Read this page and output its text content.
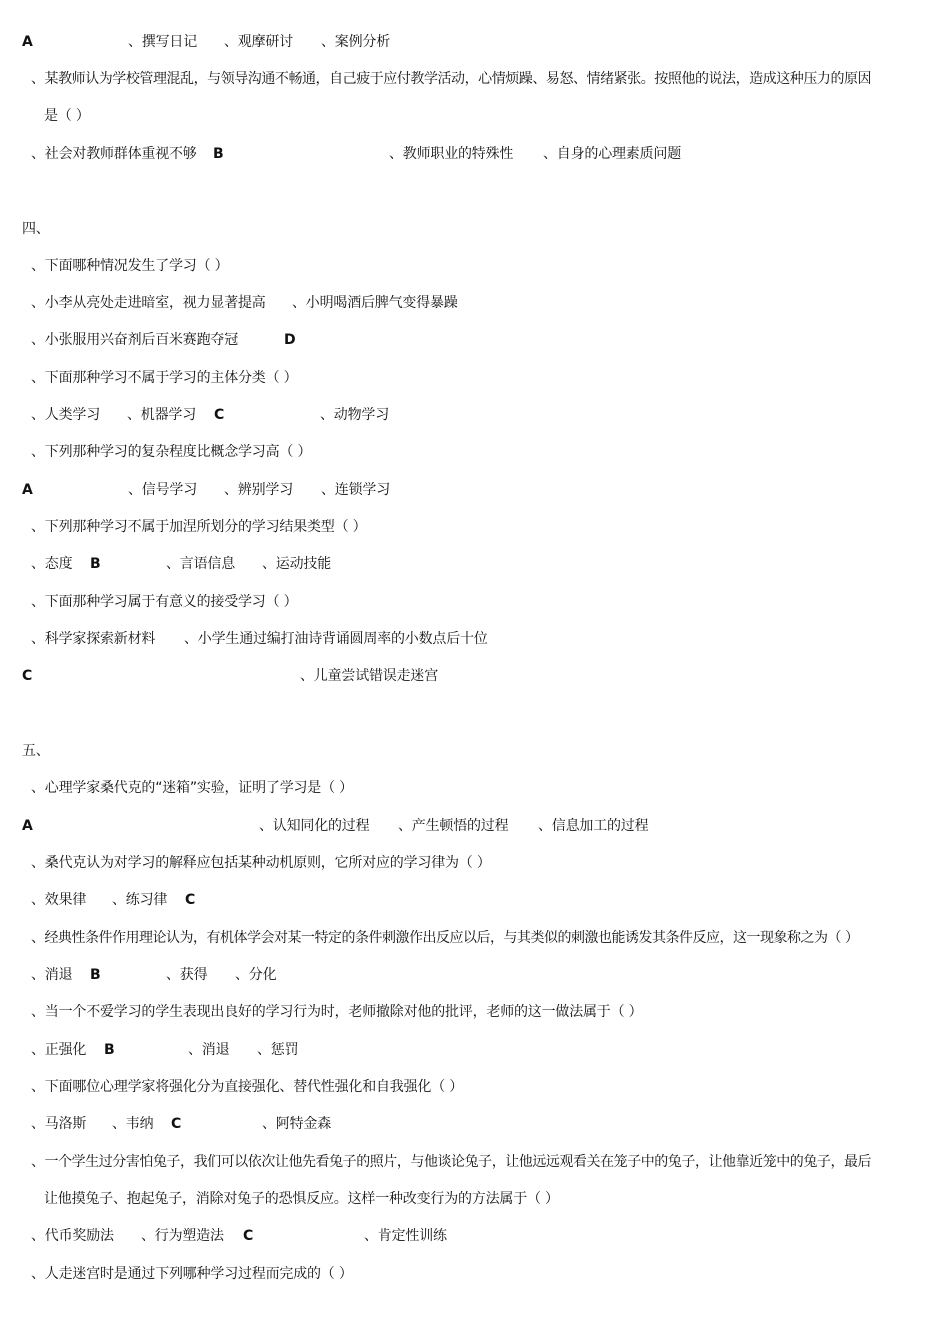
A	、撰写日记 、观摩研讨 、案例分析
、某教师认为学校管理混乱，与领导沟通不畅通，自己疲于应付教学活动，心情烦躁、易怒、情绪紧张。按照他的说法，造成这种压力的原因
是（ ）
、社会对教师群体重视不够 B	、教师职业的特殊性 、自身的心理素质问题
四、
、下面哪种情况发生了学习（ ）
、小李从亮处走进暗室，视力显著提高 、小明喝酒后脾气变得暴躁
、小张服用兴奋剂后百米赛跑夺冠	D
、下面那种学习不属于学习的主体分类（ ）
、人类学习 、机器学习 C	、动物学习
、下列那种学习的复杂程度比概念学习高（ ）
A	、信号学习 、辨别学习 、连锁学习
、下列那种学习不属于加涅所划分的学习结果类型（ ）
、态度 B	、言语信息 、运动技能
、下面那种学习属于有意义的接受学习（ ）
、科学家探索新材料 、小学生通过编打油诗背诵圆周率的小数点后十位
C	、儿童尝试错误走迷宫
五、
、心理学家桑代克的“迷箱”实验，证明了学习是（ ）
A	、认知同化的过程 、产生顿悟的过程 、信息加工的过程
、桑代克认为对学习的解释应包括某种动机原则，它所对应的学习律为（ ）
、效果律 、练习律 C
、经典性条件作用理论认为，有机体学会对某一特定的条件刺激作出反应以后，与其类似的刺激也能诱发其条件反应，这一现象称之为（ ）
、消退 B	、获得 、分化
、当一个不爱学习的学生表现出良好的学习行为时，老师撤除对他的批评，老师的这一做法属于（ ）
、正强化 B	、消退 、惩罚
、下面哪位心理学家将强化分为直接强化、替代性强化和自我强化（ ）
、马洛斯 、韦纳 C	、阿特金森
、一个学生过分害怕兔子，我们可以依次让他先看兔子的照片，与他谈论兔子，让他远远观看关在笼子中的兔子，让他靠近笼中的兔子，最后
让他摸兔子、抱起兔子，消除对兔子的恐惧反应。这样一种改变行为的方法属于（ ）
、代币奖励法 、行为塑造法 C	、肯定性训练
、人走迷宫时是通过下列哪种学习过程而完成的（ ）
